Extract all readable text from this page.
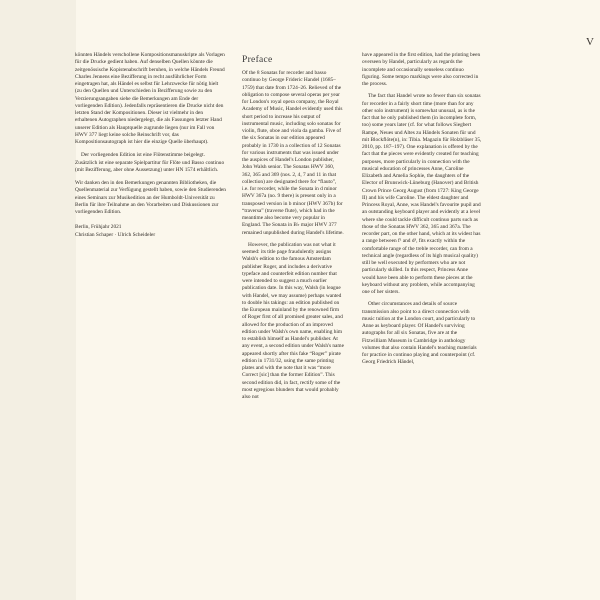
V
könnten Händels verschollene Kompositionsmanuskripte als Vorlagen für die Drucke gedient haben. Auf denselben Quellen könnte die zeitgenössische Kopistenabschrift beruhen, in welche Händels Freund Charles Jennens eine Bezifferung in recht ausführlicher Form eingetragen hat, als Händel es selbst für Lehrzwecke für nötig hielt (zu den Quellen und Unterschieden in Bezifferung sowie zu den Verzierungsangaben siehe die Bemerkungen am Ende der vorliegenden Edition). Jedenfalls repräsentieren die Drucke nicht den letzten Stand der Kompositionen. Dieser ist vielmehr in den erhaltenen Autographen niedergelegt, die als Fassungen letzter Hand unserer Edition als Hauptquelle zugrunde liegen (nur im Fall von HWV 377 liegt keine solche Reinschrift vor, das Kompositionsautograph ist hier die einzige Quelle überhaupt).
Der vorliegenden Edition ist eine Flötenstimme beigelegt. Zusätzlich ist eine separate Spielpartitur für Flöte und Basso continuo (mit Bezifferung, aber ohne Aussetzung) unter HN 1574 erhältlich.
Wir danken den in den Bemerkungen genannten Bibliotheken, die Quellenmaterial zur Verfügung gestellt haben, sowie den Studierenden eines Seminars zur Musikedition an der Humboldt-Universität zu Berlin für ihre Teilnahme an den Vorarbeiten und Diskussionen zur vorliegenden Edition.
Berlin, Frühjahr 2021
Christian Schaper · Ulrich Scheideler
Preface
Of the 8 Sonatas for recorder and basso continuo by George Frideric Handel (1685–1759) that date from 1724–26. Relieved of the obligation to compose several operas per year for London's royal opera company, the Royal Academy of Music, Handel evidently used this short period to increase his output of instrumental music, including solo sonatas for violin, flute, oboe and viola da gamba. Five of the six Sonatas in our edition appeared probably in 1730 in a collection of 12 Sonatas for various instruments that was issued under the auspices of Handel's London publisher, John Walsh senior. The Sonatas HWV 360, 362, 365 and 369 (nos. 2, 4, 7 and 11 in that collection) are designated there for “flauto”, i.e. for recorder, while the Sonata in d minor HWV 367a (no. 9 there) is present only in a transposed version in b minor (HWV 367b) for “traversa” (traverse flute), which had in the meantime also become very popular in England. The Sonata in B♭ major HWV 377 remained unpublished during Handel's lifetime.
However, the publication was not what it seemed: its title page fraudulently assigns Walsh's edition to the famous Amsterdam publisher Roger, and includes a derivative typeface and counterfeit edition number that were intended to suggest a much earlier publication date. In this way, Walsh (in league with Handel, we may assume) perhaps wanted to double his takings: an edition published on the European mainland by the renowned firm of Roger first of all promised greater sales, and allowed for the production of an improved edition under Walsh's own name, enabling him to establish himself as Handel's publisher. At any event, a second edition under Walsh's name appeared shortly after this fake “Roger” pirate edition in 1731/32, using the same printing plates and with the note that it was “more Correct [sic] than the former Edition”. This second edition did, in fact, rectify some of the most egregious blunders that would probably also not
have appeared in the first edition, had the printing been overseen by Handel, particularly as regards the incomplete and occasionally senseless continuo figuring. Some tempo markings were also corrected in the process.
The fact that Handel wrote no fewer than six sonatas for recorder in a fairly short time (more than for any other solo instrument) is somewhat unusual, as is the fact that he only published them (in incomplete form, too) some years later (cf. for what follows Siegbert Rampe, Neues und Altes zu Händels Sonaten für und mit Blockflöte(n), in: Tibia. Magazin für Holzbläser 35, 2010, pp. 187–197). One explanation is offered by the fact that the pieces were evidently created for teaching purposes, more particularly in connection with the musical education of princesses Anne, Caroline Elizabeth and Amelia Sophie, the daughters of the Elector of Brunswick-Lüneburg (Hanover) and British Crown Prince Georg August (from 1727: King George II) and his wife Caroline. The eldest daughter and Princess Royal, Anne, was Handel's favourite pupil and an outstanding keyboard player and evidently at a level where she could tackle difficult continuo parts such as those of the Sonatas HWV 362, 365 and 367a. The recorder part, on the other hand, which at its widest has a range between f¹ and d³, fits exactly within the comfortable range of the treble recorder, can from a technical angle (regardless of its high musical quality) still be well executed by performers who are not particularly skilled. In this respect, Princess Anne would have been able to perform these pieces at the keyboard without any problem, while accompanying one of her sisters.
Other circumstances and details of source transmission also point to a direct connection with music tuition at the London court, and particularly to Anne as keyboard player. Of Handel's surviving autographs for all six Sonatas, five are at the Fitzwilliam Museum in Cambridge in anthology volumes that also contain Handel's teaching materials for practice in continuo playing and counterpoint (cf. Georg Friedrich Händel,
